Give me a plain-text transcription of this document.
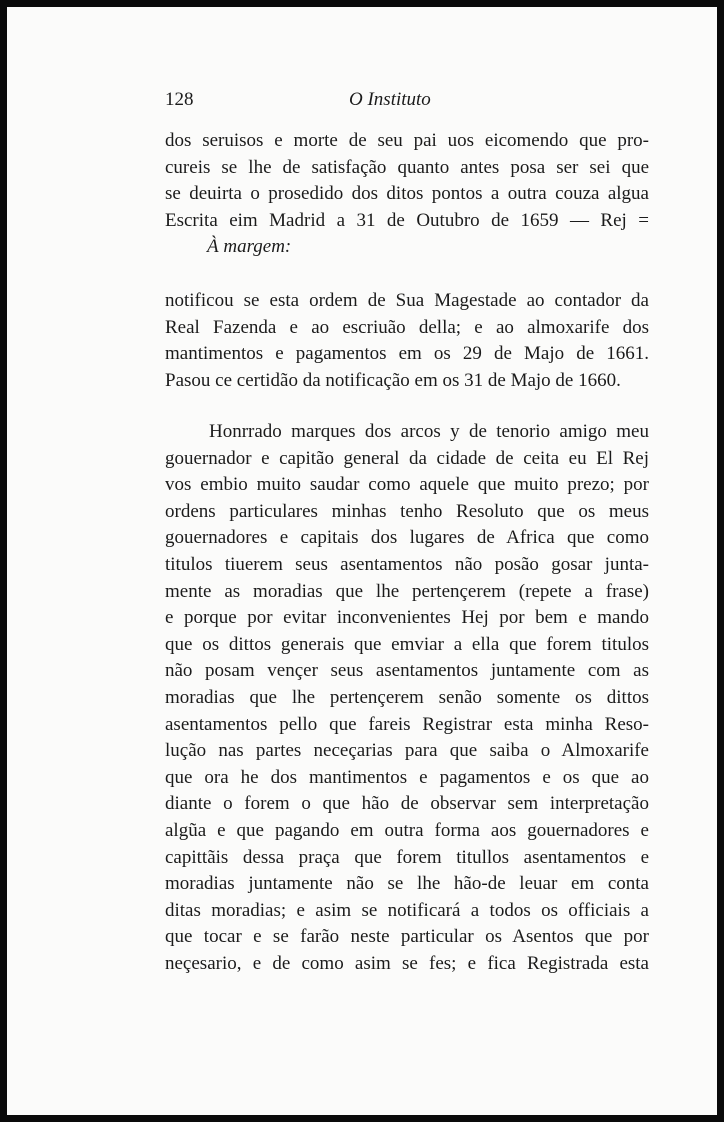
128	O Instituto
dos seruisos e morte de seu pai uos eicomendo que pro-
cureis se lhe de satisfação quanto antes posa ser sei que
se deuirta o prosedido dos ditos pontos a outra couza algua
Escrita eim Madrid a 31 de Outubro de 1659 — Rej =
À margem:
notificou se esta ordem de Sua Magestade ao contador da
Real Fazenda e ao escriuão della; e ao almoxarife dos
mantimentos e pagamentos em os 29 de Majo de 1661.
Pasou ce certidão da notificação em os 31 de Majo de 1660.
Honrrado marques dos arcos y de tenorio amigo meu
gouernador e capitão general da cidade de ceita eu El Rej
vos embio muito saudar como aquele que muito prezo; por
ordens particulares minhas tenho Resoluto que os meus
gouernadores e capitais dos lugares de Africa que como
titulos tiuerem seus asentamentos não posão gosar junta-
mente as moradias que lhe pertençerem (repete a frase)
e porque por evitar inconvenientes Hej por bem e mando
que os dittos generais que emviar a ella que forem titulos
não posam vençer seus asentamentos juntamente com as
moradias que lhe pertençerem senão somente os dittos
asentamentos pello que fareis Registrar esta minha Reso-
lução nas partes neceçarias para que saiba o Almoxarife
que ora he dos mantimentos e pagamentos e os que ao
diante o forem o que hão de observar sem interpretação
algũa e que pagando em outra forma aos gouernadores e
capittãis dessa praça que forem titullos asentamentos e
moradias juntamente não se lhe hão-de leuar em conta
ditas moradias; e asim se notificará a todos os officiais a
que tocar e se farão neste particular os Asentos que por
neçesario, e de como asim se fes; e fica Registrada esta
